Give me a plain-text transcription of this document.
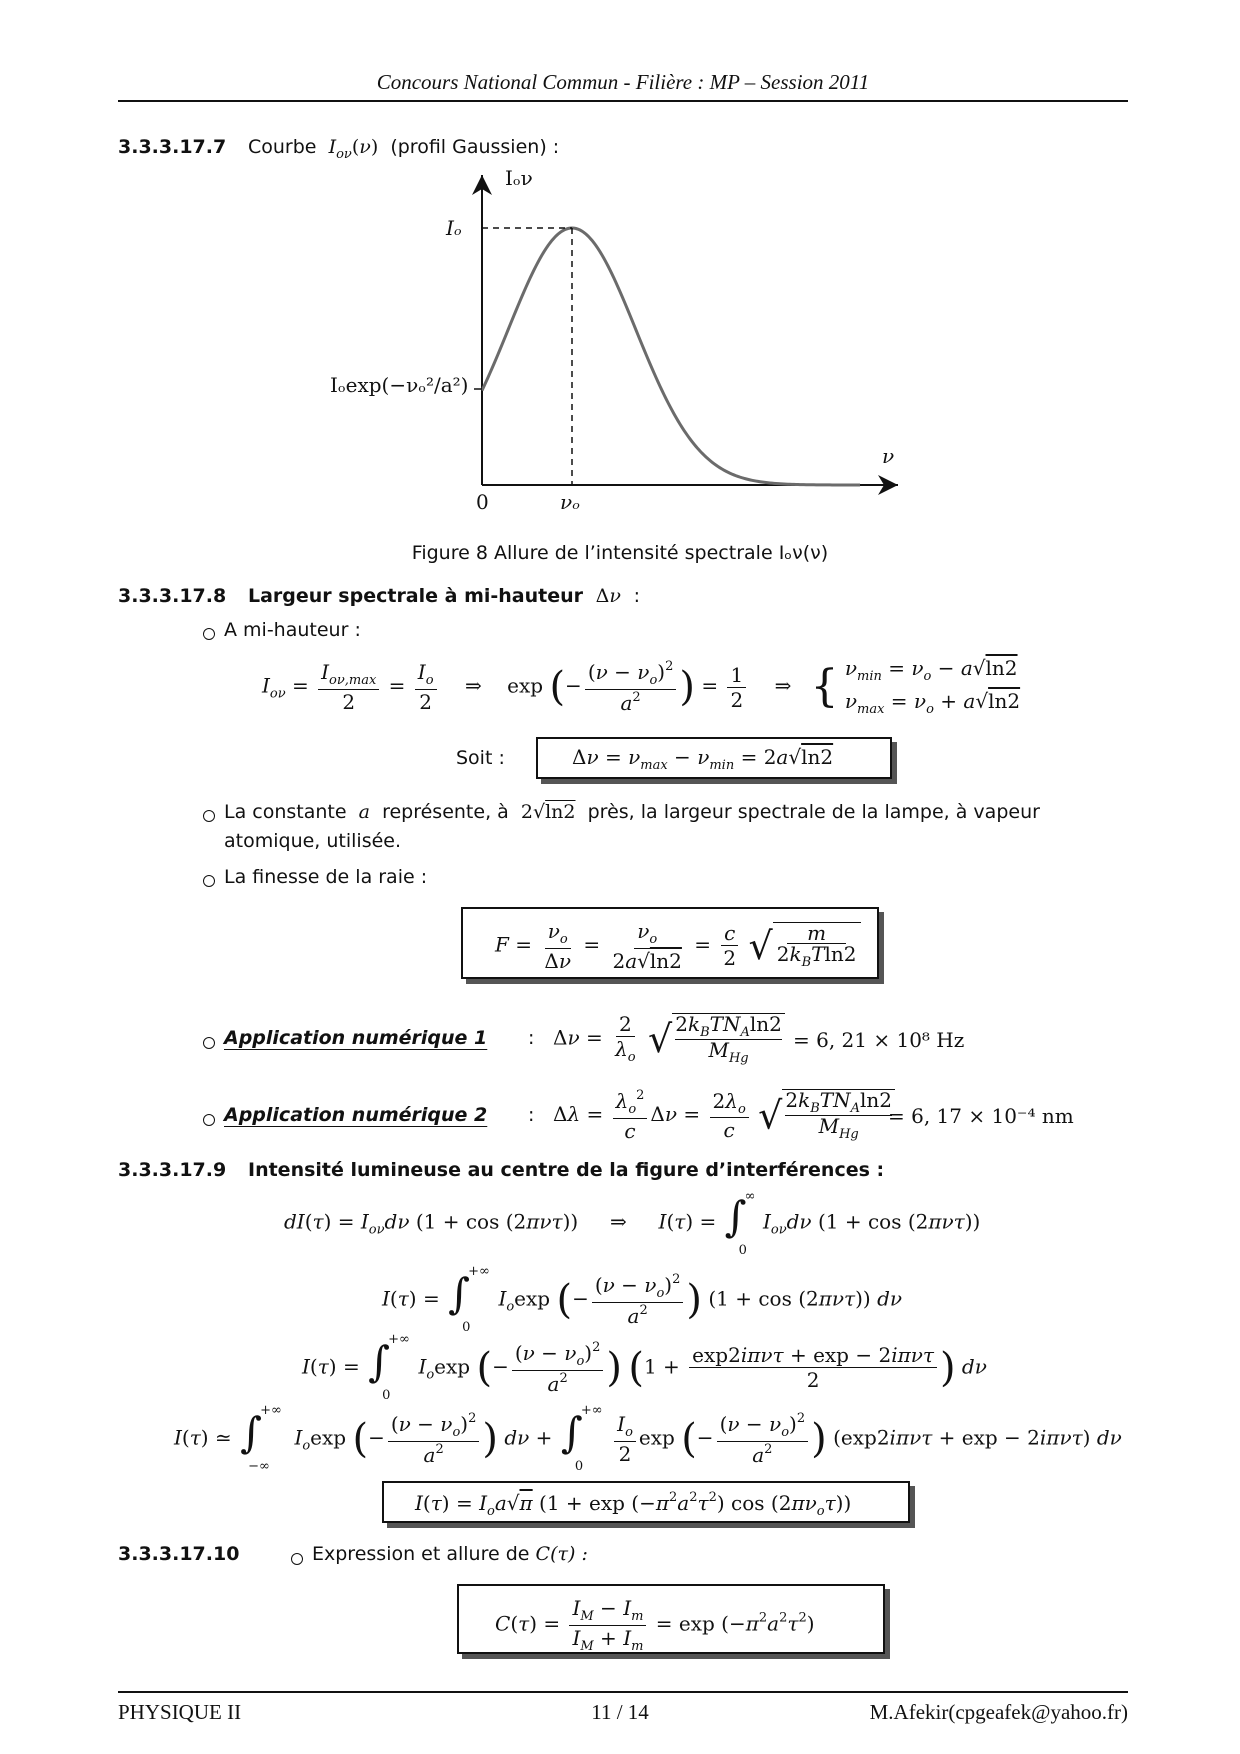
Concours National Commun - Filière : MP – Session 2011
3.3.3.17.7 Courbe $I_{o\nu}(\nu)$  (profil Gaussien) :
Iₒν
Iₒ
Iₒexp(−νₒ²/a²)
ν
0	νₒ
Figure 8 Allure de l’intensité spectrale Iₒν(ν)
3.3.3.17.8 Largeur spectrale à mi-hauteur  Δν :
A mi-hauteur :
$I_{o\nu} = \frac{I_{o\nu,max}}{2} = \frac{I_o}{2}$ ⇒    exp (− $\frac{(\nu - \nu_o)^2}{a^2}$ ) = $\frac{1}{2}$ ⇒   { $\nu_{min} = \nu_o - a√\ln 2$
$\nu_{max} = \nu_o + a√\ln 2$
Soit :	$\Delta\nu = \nu_{max} - \nu_{min} = 2a√\ln 2$
La constante a représente, à 2√ln2 près, la largeur spectrale de la lampe, à vapeur
atomique, utilisée.
La finesse de la raie :
$F = \frac{\nu_o}{\Delta\nu} = \frac{\nu_o}{2a√\ln 2} = \frac{c}{2}$ √	m
$2k_BTln2$
Application numérique 1 : $\Delta\nu = \frac{2}{\lambda_o}$ √ $2k_BTN_A\ln 2$
$M_{Hg}$
= 6, 21 × 10⁸ Hz
Application numérique 2 : $\Delta\lambda = \frac{\lambda_o^2}{c}$ $\Delta\nu = \frac{2\lambda_o}{c}$ √ $2k_BTN_A\ln 2$
$M_{Hg}$
= 6, 17 × 10⁻⁴ nm
3.3.3.17.9 Intensité lumineuse au centre de la figure d’interférences :
$dI(\tau) = I_{o\nu}d\nu$ (1 + cos (2πντ))     ⇒     I(τ) = ∫
∞
0
$I_{o\nu}d\nu$ (1 + cos (2πντ))
I(τ) = ∫
+∞
0
$I_o\exp$ (− $\frac{(\nu - \nu_o)^2}{a^2}$ ) (1 + cos (2πντ)) dν
I(τ) = ∫
+∞
0
$I_o\exp$ (− $\frac{(\nu - \nu_o)^2}{a^2}$ ) ($1 + \frac{\text{exp2iπντ + exp − 2iπντ}}{2}$ ) dν
I(τ) ≃ ∫
+∞
−∞
$I_o\exp$ (− $\frac{(\nu - \nu_o)^2}{a^2}$ ) dν + ∫
+∞
0

$\frac{I_o}{2}$ exp (− $\frac{(\nu - \nu_o)^2}{a^2}$ ) (exp2iπντ + exp − 2iπντ) dν
$I(\tau) = I_oa√\pi$ ($1 + \exp (-\pi^2a^2\tau^2)$ $\cos (2\pi\nu_o\tau)$)
3.3.3.17.10	Expression et allure de C(τ) :
$C(\tau) = \frac{I_M - I_m}{I_M + I_m} = \exp (-\pi^2a^2\tau^2)$
PHYSIQUE II	11 / 14	M.Afekir(cpgeafek@yahoo.fr)
